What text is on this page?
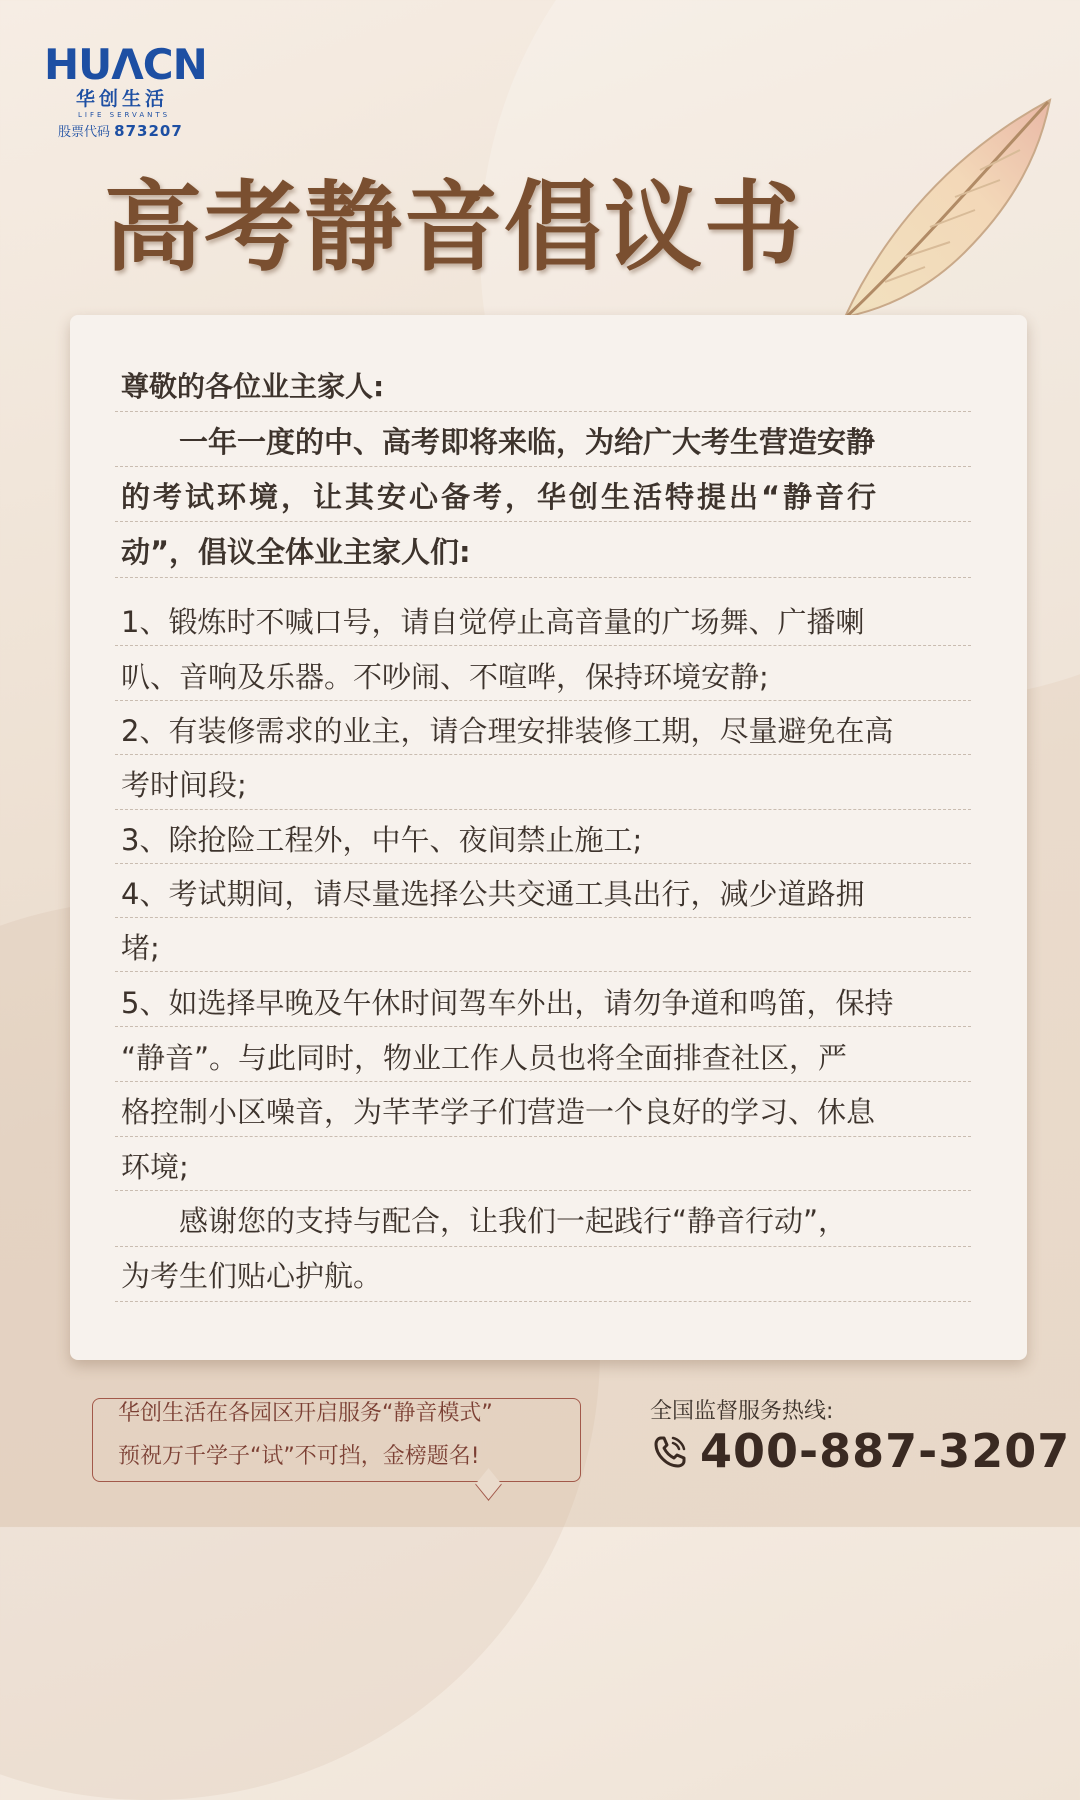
HUΛCN
华创生活
LIFE SERVANTS
股票代码 873207
高考静音倡议书
尊敬的各位业主家人:
　　一年一度的中、高考即将来临，为给广大考生营造安静
的考试环境，让其安心备考，华创生活特提出“静音行
动”，倡议全体业主家人们:
1、锻炼时不喊口号，请自觉停止高音量的广场舞、广播喇
叭、音响及乐器。不吵闹、不喧哗，保持环境安静;
2、有装修需求的业主，请合理安排装修工期，尽量避免在高
考时间段;
3、除抢险工程外，中午、夜间禁止施工;
4、考试期间，请尽量选择公共交通工具出行，减少道路拥
堵;
5、如选择早晚及午休时间驾车外出，请勿争道和鸣笛，保持
“静音”。与此同时，物业工作人员也将全面排查社区，严
格控制小区噪音，为芊芊学子们营造一个良好的学习、休息
环境;
　　感谢您的支持与配合，让我们一起践行“静音行动”，
为考生们贴心护航。
华创生活在各园区开启服务“静音模式”
预祝万千学子“试”不可挡，金榜题名!
全国监督服务热线:
400-887-3207
